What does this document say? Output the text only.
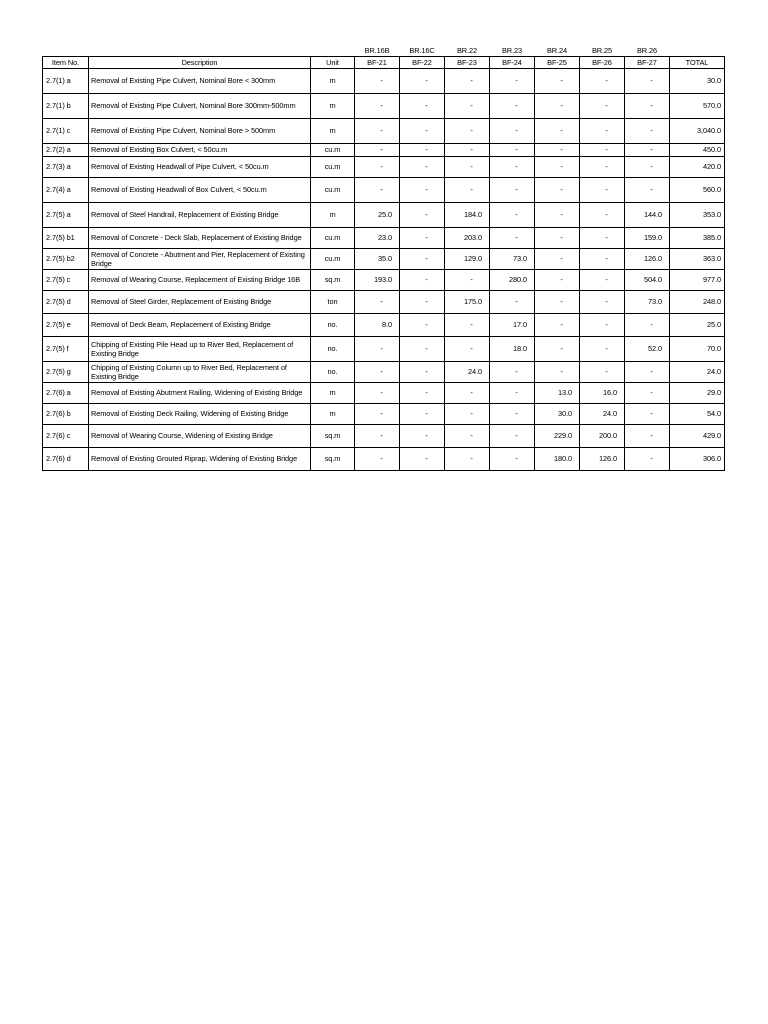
			BR.16B	BR.16C	BR.22	BR.23	BR.24	BR.25	BR.26	
Item No.	Description	Unit	BF-21	BF-22	BF-23	BF-24	BF-25	BF-26	BF-27	TOTAL
2.7(1) a	Removal of Existing Pipe Culvert, Nominal Bore < 300mm	m	-	-	-	-	-	-	-	30.0
2.7(1) b	Removal of Existing Pipe Culvert, Nominal Bore 300mm-500mm	m	-	-	-	-	-	-	-	570.0
2.7(1) c	Removal of Existing Pipe Culvert, Nominal Bore > 500mm	m	-	-	-	-	-	-	-	3,040.0
2.7(2) a	Removal of Existing Box Culvert, < 50cu.m	cu.m	-	-	-	-	-	-	-	450.0
2.7(3) a	Removal of Existing Headwall of Pipe Culvert, < 50cu.m	cu.m	-	-	-	-	-	-	-	420.0
2.7(4) a	Removal of Existing Headwall of Box Culvert, < 50cu.m	cu.m	-	-	-	-	-	-	-	560.0
2.7(5) a	Removal of Steel Handrail, Replacement of Existing Bridge	m	25.0	-	184.0	-	-	-	144.0	353.0
2.7(5) b1	Removal of Concrete - Deck Slab, Replacement of Existing Bridge	cu.m	23.0	-	203.0	-	-	-	159.0	385.0
2.7(5) b2	Removal of Concrete - Abutment and Pier, Replacement of Existing Bridge	cu.m	35.0	-	129.0	73.0	-	-	126.0	363.0
2.7(5) c	Removal of Wearing Course, Replacement of Existing Bridge 16B	sq.m	193.0	-	-	280.0	-	-	504.0	977.0
2.7(5) d	Removal of Steel Girder, Replacement of Existing Bridge	ton	-	-	175.0	-	-	-	73.0	248.0
2.7(5) e	Removal of Deck Beam, Replacement of Existing Bridge	no.	8.0	-	-	17.0	-	-	-	25.0
2.7(5) f	Chipping of Existing Pile Head up to River Bed, Replacement of Existing Bridge	no.	-	-	-	18.0	-	-	52.0	70.0
2.7(5) g	Chipping of Existing Column up to River Bed, Replacement of Existing Bridge	no.	-	-	24.0	-	-	-	-	24.0
2.7(6) a	Removal of Existing Abutment Railing, Widening of Existing Bridge	m	-	-	-	-	13.0	16.0	-	29.0
2.7(6) b	Removal of Existing Deck Railing, Widening of Existing Bridge	m	-	-	-	-	30.0	24.0	-	54.0
2.7(6) c	Removal of Wearing Course, Widening of Existing Bridge	sq.m	-	-	-	-	229.0	200.0	-	429.0
2.7(6) d	Removal of Existing Grouted Riprap, Widening of Existing Bridge	sq.m	-	-	-	-	180.0	126.0	-	306.0
